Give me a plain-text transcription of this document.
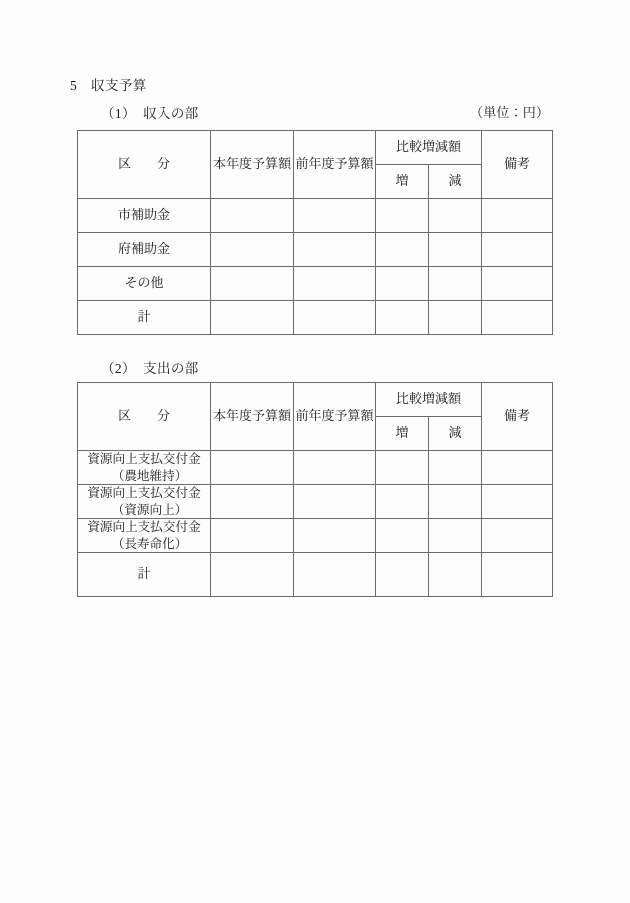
5　収支予算
（1）　収入の部	（単位：円）
区　　分	本年度予算額	前年度予算額	比較増減額		備考
			増	減	
市補助金					
府補助金					
その他					
計					
（2）　支出の部
区　　分	本年度予算額	前年度予算額	比較増減額		備考
			増	減	
資源向上支払交付金
（農地維持）					

資源向上支払交付金
（資源向上）					

資源向上支払交付金
（長寿命化）					

計					
